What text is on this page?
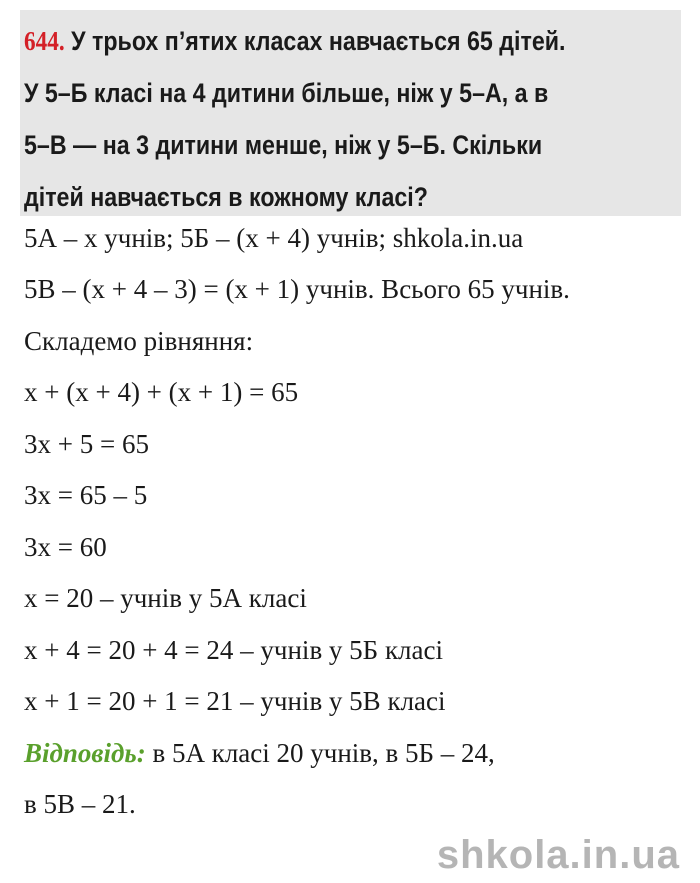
644. У трьох п’ятих класах навчається 65 дітей.
У 5–Б класі на 4 дитини більше, ніж у 5–А, а в
5–В — на 3 дитини менше, ніж у 5–Б. Скільки
дітей навчається в кожному класі?
5А – х учнів; 5Б – (х + 4) учнів; shkola.in.ua
5В – (х + 4 – 3) = (х + 1) учнів. Всього 65 учнів.
Складемо рівняння:
х + (х + 4) + (х + 1) = 65
3х + 5 = 65
3х = 65 – 5
3х = 60
х = 20 – учнів у 5А класі
х + 4 = 20 + 4 = 24 – учнів у 5Б класі
х + 1 = 20 + 1 = 21 – учнів у 5В класі
Відповідь: в 5А класі 20 учнів, в 5Б – 24,
в 5В – 21.
shkola.in.ua
